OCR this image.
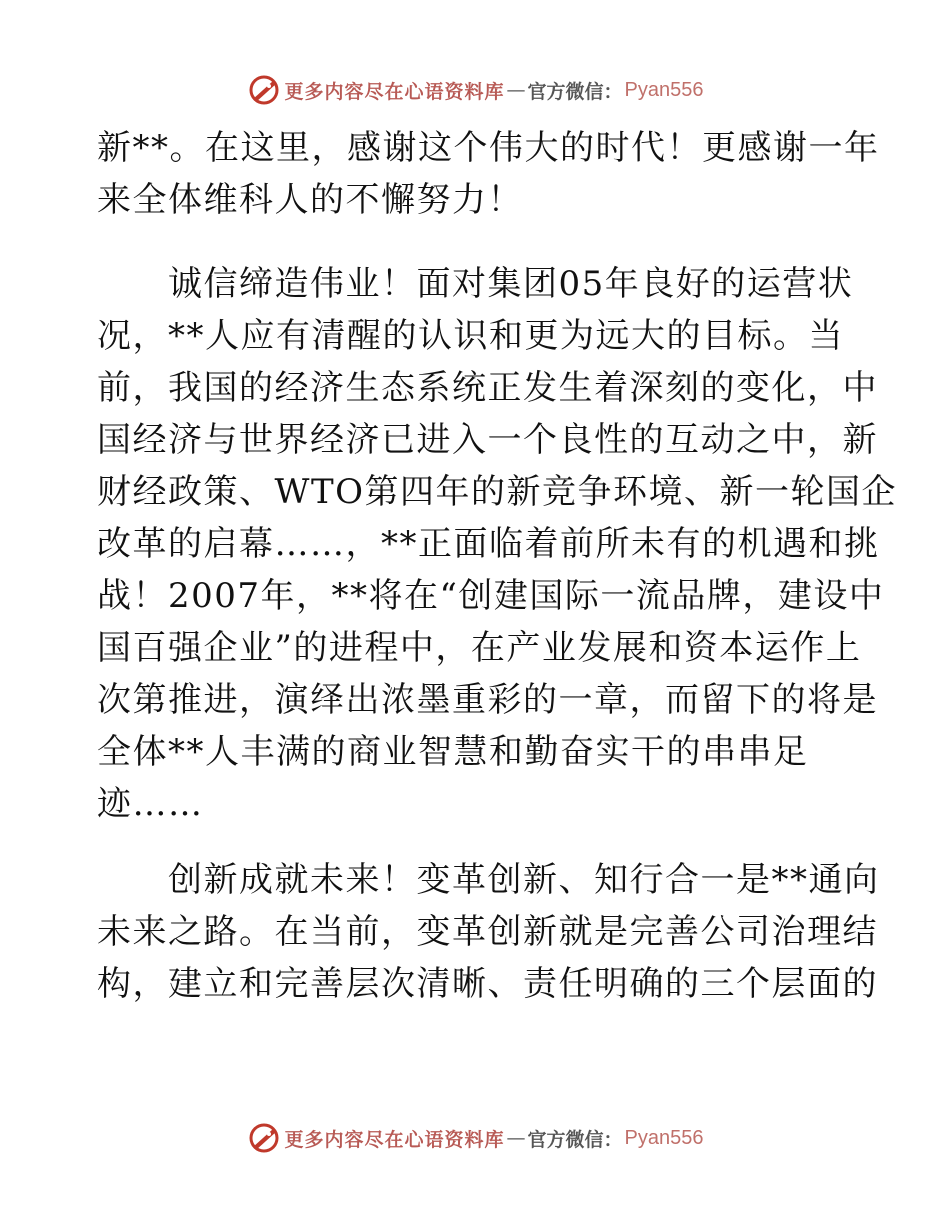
更多内容尽在心语资料库 — 官方微信： Pyan556
新**。在这里，感谢这个伟大的时代！更感谢一年
来全体维科人的不懈努力！
　　诚信缔造伟业！面对集团05年良好的运营状
况，**人应有清醒的认识和更为远大的目标。当
前，我国的经济生态系统正发生着深刻的变化，中
国经济与世界经济已进入一个良性的互动之中，新
财经政策、WTO第四年的新竞争环境、新一轮国企
改革的启幕……，**正面临着前所未有的机遇和挑
战！2007年，**将在“创建国际一流品牌，建设中
国百强企业”的进程中，在产业发展和资本运作上
次第推进，演绎出浓墨重彩的一章，而留下的将是
全体**人丰满的商业智慧和勤奋实干的串串足
迹……
　　创新成就未来！变革创新、知行合一是**通向
未来之路。在当前，变革创新就是完善公司治理结
构，建立和完善层次清晰、责任明确的三个层面的
更多内容尽在心语资料库 — 官方微信： Pyan556
